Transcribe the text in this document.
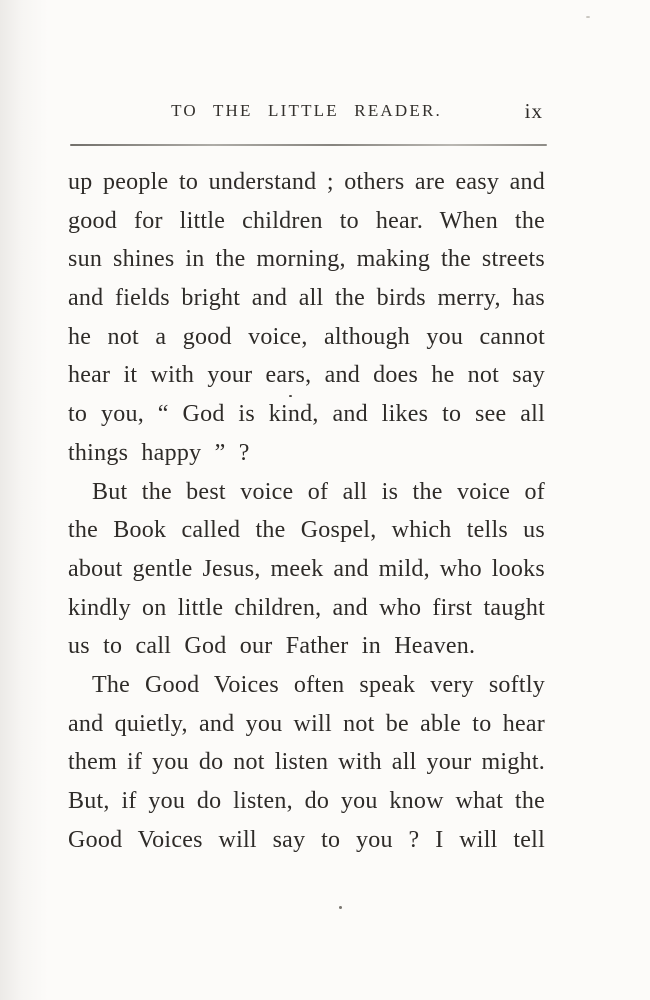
TO THE LITTLE READER.	ix
up people to understand ; others are easy and
good for little children to hear. When the
sun shines in the morning, making the streets
and fields bright and all the birds merry, has
he not a good voice, although you cannot
hear it with your ears, and does he not say
to you, “ God is kind, and likes to see all
things happy ” ?
But the best voice of all is the voice of
the Book called the Gospel, which tells us
about gentle Jesus, meek and mild, who looks
kindly on little children, and who first taught
us to call God our Father in Heaven.
The Good Voices often speak very softly
and quietly, and you will not be able to hear
them if you do not listen with all your might.
But, if you do listen, do you know what the
Good Voices will say to you ? I will tell
